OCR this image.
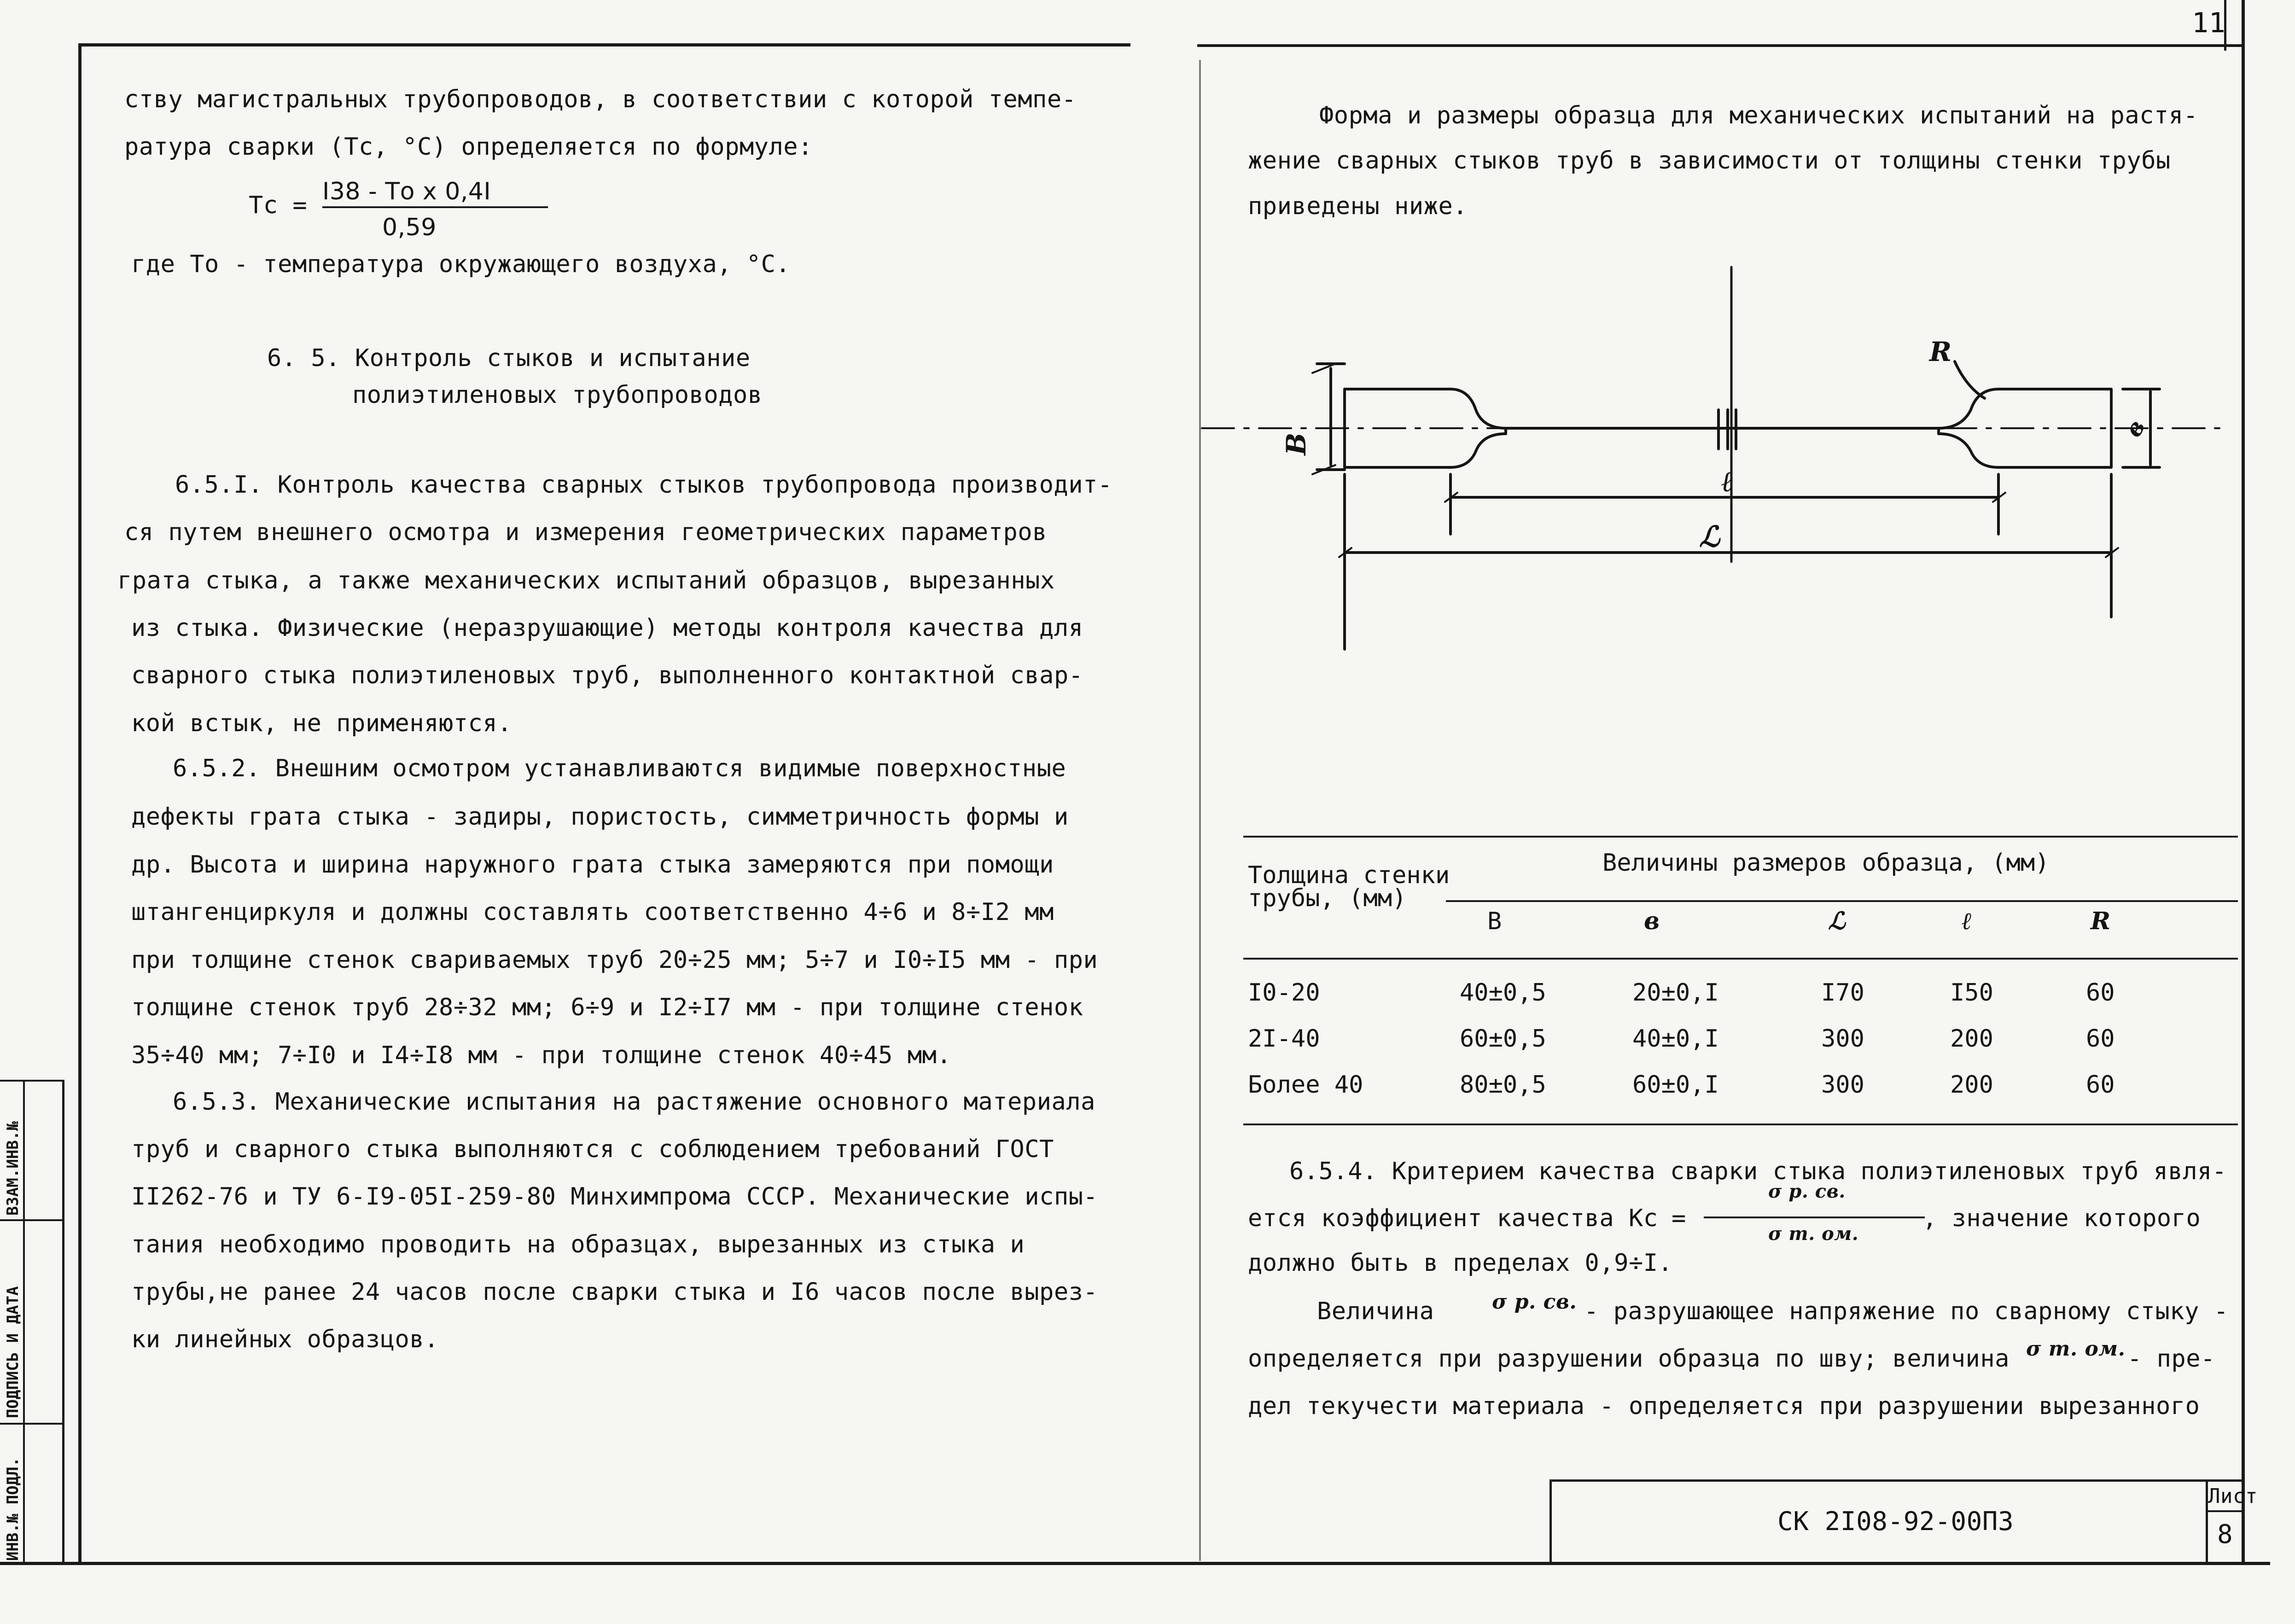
11
ВЗАМ.ИНВ.№
ПОДПИСЬ И ДАТА
ИНВ.№ ПОДЛ.
ству магистральных трубопроводов, в соответствии с которой темпе-
ратура сварки (Тс, °С) определяется по формуле:
Тс = I38 - То х 0,4I
0,59
где То - температура окружающего воздуха, °С.
6. 5. Контроль стыков и испытание
полиэтиленовых трубопроводов
6.5.I. Контроль качества сварных стыков трубопровода производит-
ся путем внешнего осмотра и измерения геометрических параметров
грата стыка, а также механических испытаний образцов, вырезанных
из стыка. Физические (неразрушающие) методы контроля качества для
сварного стыка полиэтиленовых труб, выполненного контактной свар-
кой встык, не применяются.
6.5.2. Внешним осмотром устанавливаются видимые поверхностные
дефекты грата стыка - задиры, пористость, симметричность формы и
др. Высота и ширина наружного грата стыка замеряются при помощи
штангенциркуля и должны составлять соответственно 4÷6 и 8÷I2 мм
при толщине стенок свариваемых труб 20÷25 мм; 5÷7 и I0÷I5 мм - при
толщине стенок труб 28÷32 мм; 6÷9 и I2÷I7 мм - при толщине стенок
35÷40 мм; 7÷I0 и I4÷I8 мм - при толщине стенок 40÷45 мм.
6.5.3. Механические испытания на растяжение основного материала
труб и сварного стыка выполняются с соблюдением требований ГОСТ
II262-76 и ТУ 6-I9-05I-259-80 Минхимпрома СССР. Механические испы-
тания необходимо проводить на образцах, вырезанных из стыка и
трубы,не ранее 24 часов после сварки стыка и I6 часов после вырез-
ки линейных образцов.
Форма и размеры образца для механических испытаний на растя-
жение сварных стыков труб в зависимости от толщины стенки трубы
приведены ниже.
R
B
в
ℓ
ℒ
Толщина стенки
трубы, (мм)
Величины размеров образца, (мм)
В	в	ℒ	ℓ	R
I0-20	40±0,5	20±0,I	I70	I50	60
2I-40	60±0,5	40±0,I	300	200	60
Более 40	80±0,5	60±0,I	300	200	60
6.5.4. Критерием качества сварки стыка полиэтиленовых труб явля-
ется коэффициент качества Кс =
σ р. св.
σ т. ом.
, значение которого
должно быть в пределах 0,9÷I.
Величина	σ р. св. - разрушающее напряжение по сварному стыку -
определяется при разрушении образца по шву; величина σ т. ом. - пре-
дел текучести материала - определяется при разрушении вырезанного
СК 2I08-92-00ПЗ
Лист
8
